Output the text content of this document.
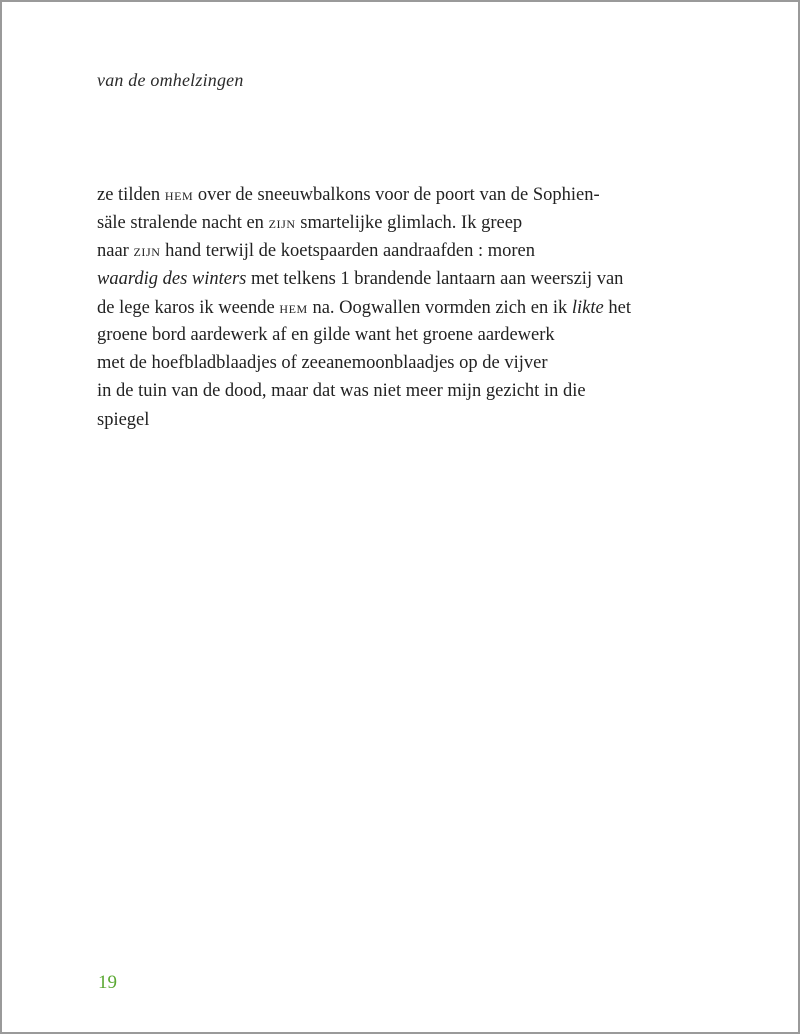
van de omhelzingen
ze tilden hem over de sneeuwbalkons voor de poort van de Sophien-
säle stralende nacht en zijn smartelijke glimlach. Ik greep
naar zijn hand terwijl de koetspaarden aandraafden : moren
waardig des winters met telkens 1 brandende lantaarn aan weerszij van
de lege karos ik weende hem na. Oogwallen vormden zich en ik likte het
groene bord aardewerk af en gilde want het groene aardewerk
met de hoefbladblaadjes of zeeanemoonblaadjes op de vijver
in de tuin van de dood, maar dat was niet meer mijn gezicht in die
spiegel
19
